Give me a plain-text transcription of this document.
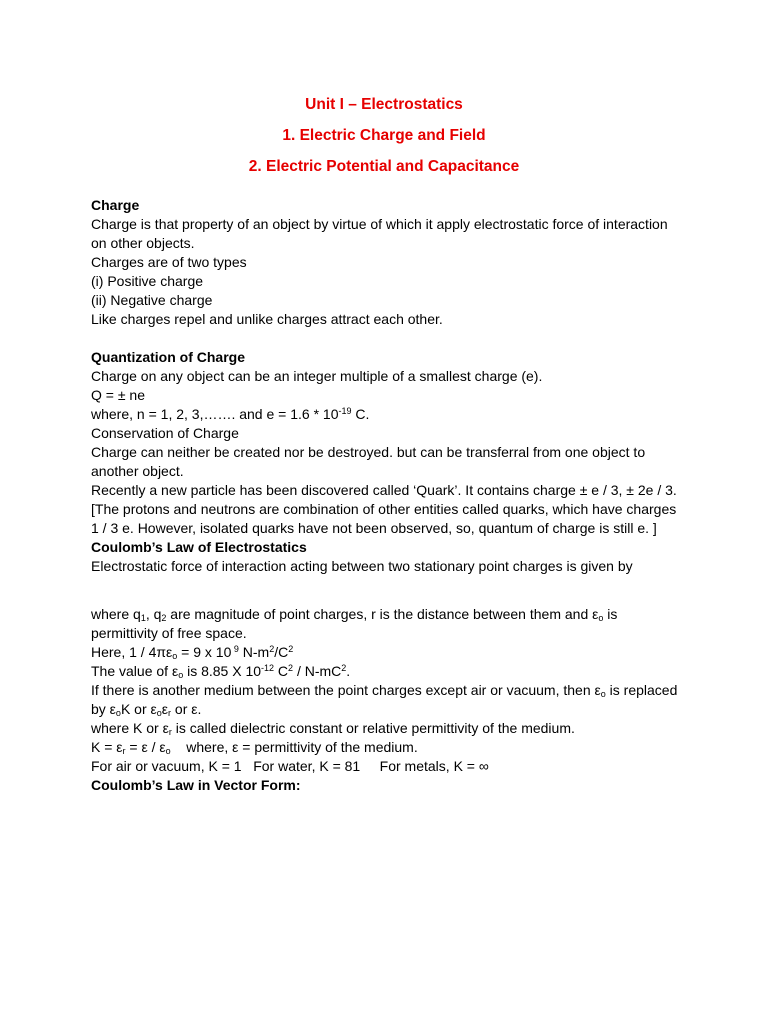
Unit I – Electrostatics
1. Electric Charge and Field
2. Electric Potential and Capacitance
Charge
Charge is that property of an object by virtue of which it apply electrostatic force of interaction
on other objects.
Charges are of two types
(i) Positive charge
(ii) Negative charge
Like charges repel and unlike charges attract each other.
Quantization of Charge
Charge on any object can be an integer multiple of a smallest charge (e).
Q = ± ne
where, n = 1, 2, 3,……. and $e = 1.6 * 10^{-19}$ C.
Conservation of Charge
Charge can neither be created nor be destroyed. but can be transferral from one object to
another object.
Recently a new particle has been discovered called ‘Quark’. It contains charge ± e / 3, ± 2e / 3.
[The protons and neutrons are combination of other entities called quarks, which have charges
1 / 3 e. However, isolated quarks have not been observed, so, quantum of charge is still e. ]
Coulomb’s Law of Electrostatics
Electrostatic force of interaction acting between two stationary point charges is given by
where $q_1$, $q_2$ are magnitude of point charges, r is the distance between them and $\varepsilon_o$ is
permittivity of free space.
Here, $1 / 4\pi\varepsilon_o = 9$ x 10 $^9$ $N-m^2/C^2$
The value of $\varepsilon_o$ is 8.85 X $10^{-12}$ $C^2 / N-mC^2$.
If there is another medium between the point charges except air or vacuum, then $\varepsilon_o$ is replaced
by $\varepsilon_oK$ or $\varepsilon_o\varepsilon_r$ or ε.
where K or $\varepsilon_r$ is called dielectric constant or relative permittivity of the medium.
$K = \varepsilon_r = \varepsilon / \varepsilon_o$    where, ε = permittivity of the medium.
For air or vacuum, K = 1   For water, K = 81     For metals, K = ∞
Coulomb’s Law in Vector Form:
